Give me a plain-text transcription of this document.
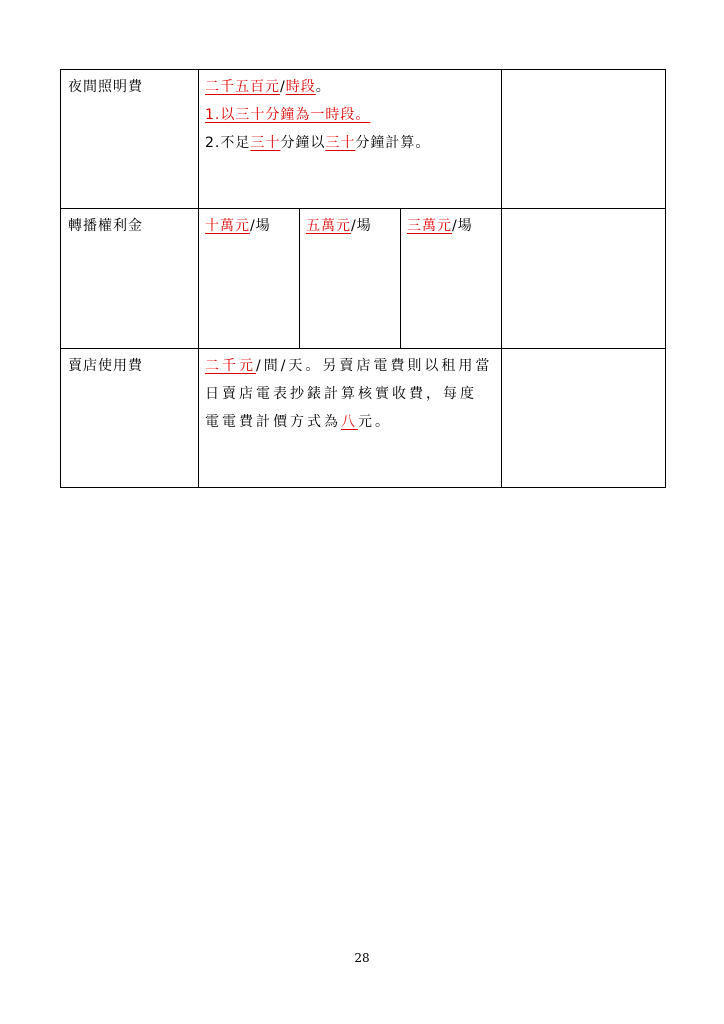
夜間照明費	二千五百元/時段。
1.以三十分鐘為一時段。
2.不足三十分鐘以三十分鐘計算。			

轉播權利金	十萬元/場	五萬元/場	三萬元/場	
賣店使用費	二千元/間/天。另賣店電費則以租用當日賣店電表抄錶計算核實收費，每度電電費計價方式為八元。			
28
